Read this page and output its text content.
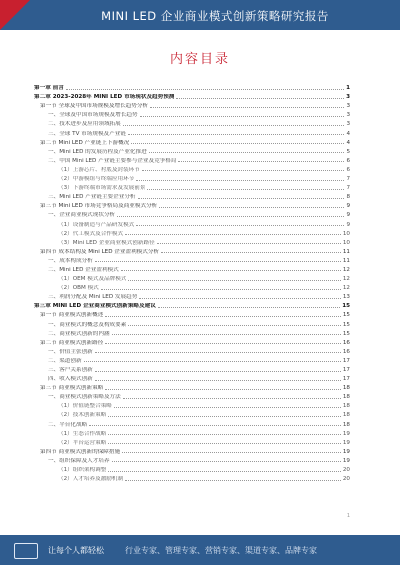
MINI LED 企业商业模式创新策略研究报告
内容目录
第一章 前言	1
第二章 2023-2028年 MINI LED 市场现状及趋势预测	3
第一节 全球及中国市场规模及增长趋势分析	3
一、全球及中国市场规模及增长趋势	3
二、技术进步及应用领域拓展	3
三、全球 TV 市场规模及产业链	4
第二节 Mini LED 产业链上下游概况	4
一、Mini LED 的发展历程及产业化推进	5
二、中国 Mini LED 产业链主要参与企业及竞争格局	6
（1）上游芯片、衬底及封装环节	6
（2）中游模组与终端应用环节	7
（3）下游终端市场需求及发展前景	7
三、Mini LED 产业链主要企业分析	8
第三节 Mini LED 市场竞争格局及商业模式分析	9
一、企业商业模式现状分析	9
（1）设备制造与产品研发模式	9
（2）代工模式及合作模式	10
（3）Mini LED 企业商业模式创新路径	10
第四节 成本结构及 Mini LED 企业盈利模式分析	11
一、成本构成分析	11
二、Mini LED 企业盈利模式	12
（1）OEM 模式及品牌模式	12
（2）OBM 模式	12
三、利润分配及 Mini LED 发展趋势	13
第三章 MINI LED 企业商业模式创新策略及建议	15
第一节 商业模式创新概述	15
一、商业模式的概念及构成要素	15
二、商业模式创新的内涵	15
第二节 商业模式创新路径	16
一、价值主张创新	16
二、渠道创新	17
三、客户关系创新	17
四、收入模式创新	17
第三节 商业模式创新策略	18
一、商业模式创新策略及方法	18
（1）价值链整合策略	18
（2）技术创新策略	18
二、平台化战略	18
（1）生态合作战略	19
（2）平台运营策略	19
第四节 商业模式创新的保障措施	19
一、组织保障及人才培养	19
（1）组织架构调整	20
（2）人才培养及激励机制	20
1
让每个人都轻松	行业专家、管理专家、营销专家、渠道专家、品牌专家
